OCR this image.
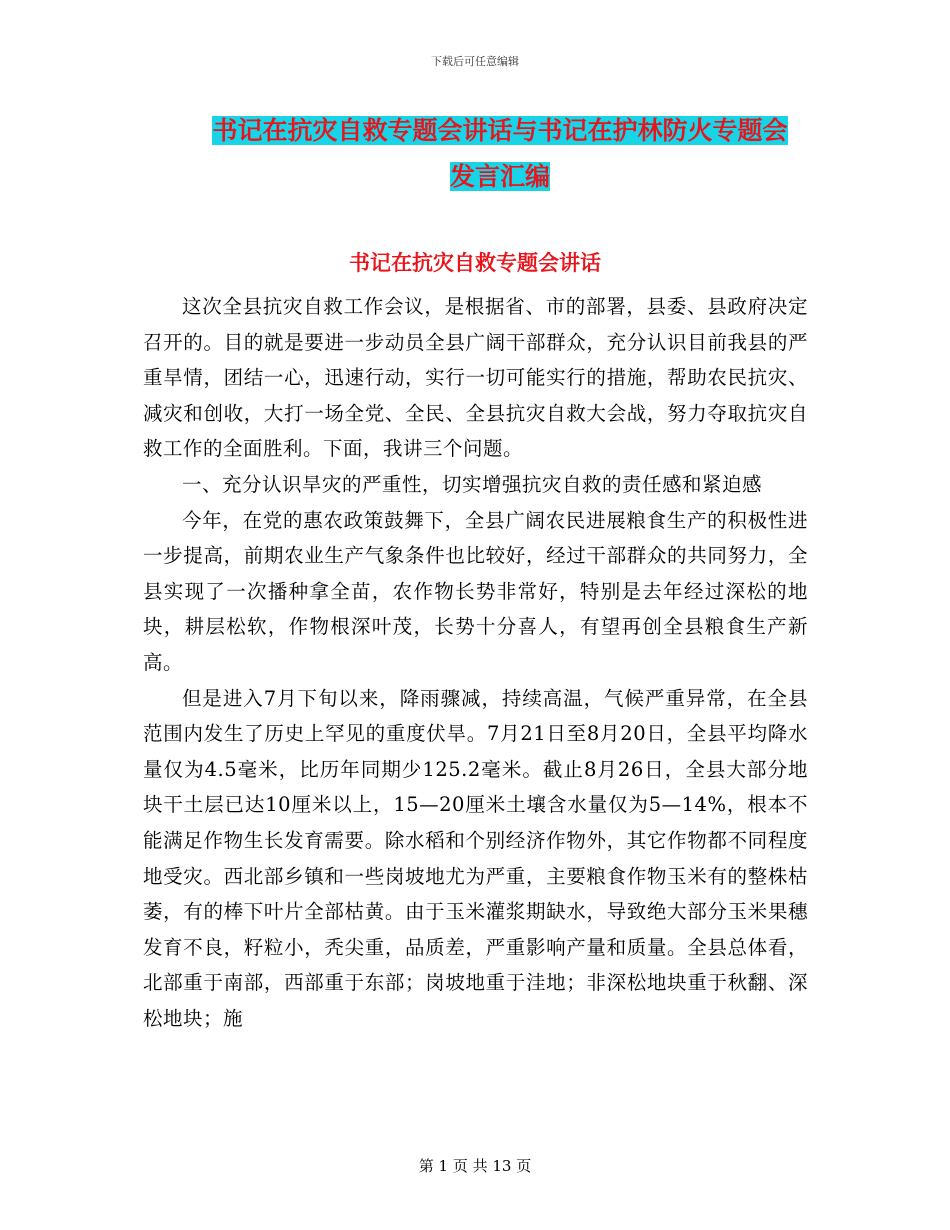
下载后可任意编辑
书记在抗灾自救专题会讲话与书记在护林防火专题会
发言汇编
书记在抗灾自救专题会讲话

这次全县抗灾自救工作会议，是根据省、市的部署，县委、县政府决定召开的。目的就是要进一步动员全县广阔干部群众，充分认识目前我县的严重旱情，团结一心，迅速行动，实行一切可能实行的措施，帮助农民抗灾、减灾和创收，大打一场全党、全民、全县抗灾自救大会战，努力夺取抗灾自救工作的全面胜利。下面，我讲三个问题。

一、充分认识旱灾的严重性，切实增强抗灾自救的责任感和紧迫感

今年，在党的惠农政策鼓舞下，全县广阔农民进展粮食生产的积极性进一步提高，前期农业生产气象条件也比较好，经过干部群众的共同努力，全县实现了一次播种拿全苗，农作物长势非常好，特别是去年经过深松的地块，耕层松软，作物根深叶茂，长势十分喜人，有望再创全县粮食生产新高。

但是进入7月下旬以来，降雨骤减，持续高温，气候严重异常，在全县范围内发生了历史上罕见的重度伏旱。7月21日至8月20日，全县平均降水量仅为4.5毫米，比历年同期少125.2毫米。截止8月26日，全县大部分地块干土层已达10厘米以上，15—20厘米土壤含水量仅为5—14%，根本不能满足作物生长发育需要。除水稻和个别经济作物外，其它作物都不同程度地受灾。西北部乡镇和一些岗坡地尤为严重，主要粮食作物玉米有的整株枯萎，有的棒下叶片全部枯黄。由于玉米灌浆期缺水，导致绝大部分玉米果穗发育不良，籽粒小，秃尖重，品质差，严重影响产量和质量。全县总体看，北部重于南部，西部重于东部；岗坡地重于洼地；非深松地块重于秋翻、深松地块；施

第 1 页 共 13 页
